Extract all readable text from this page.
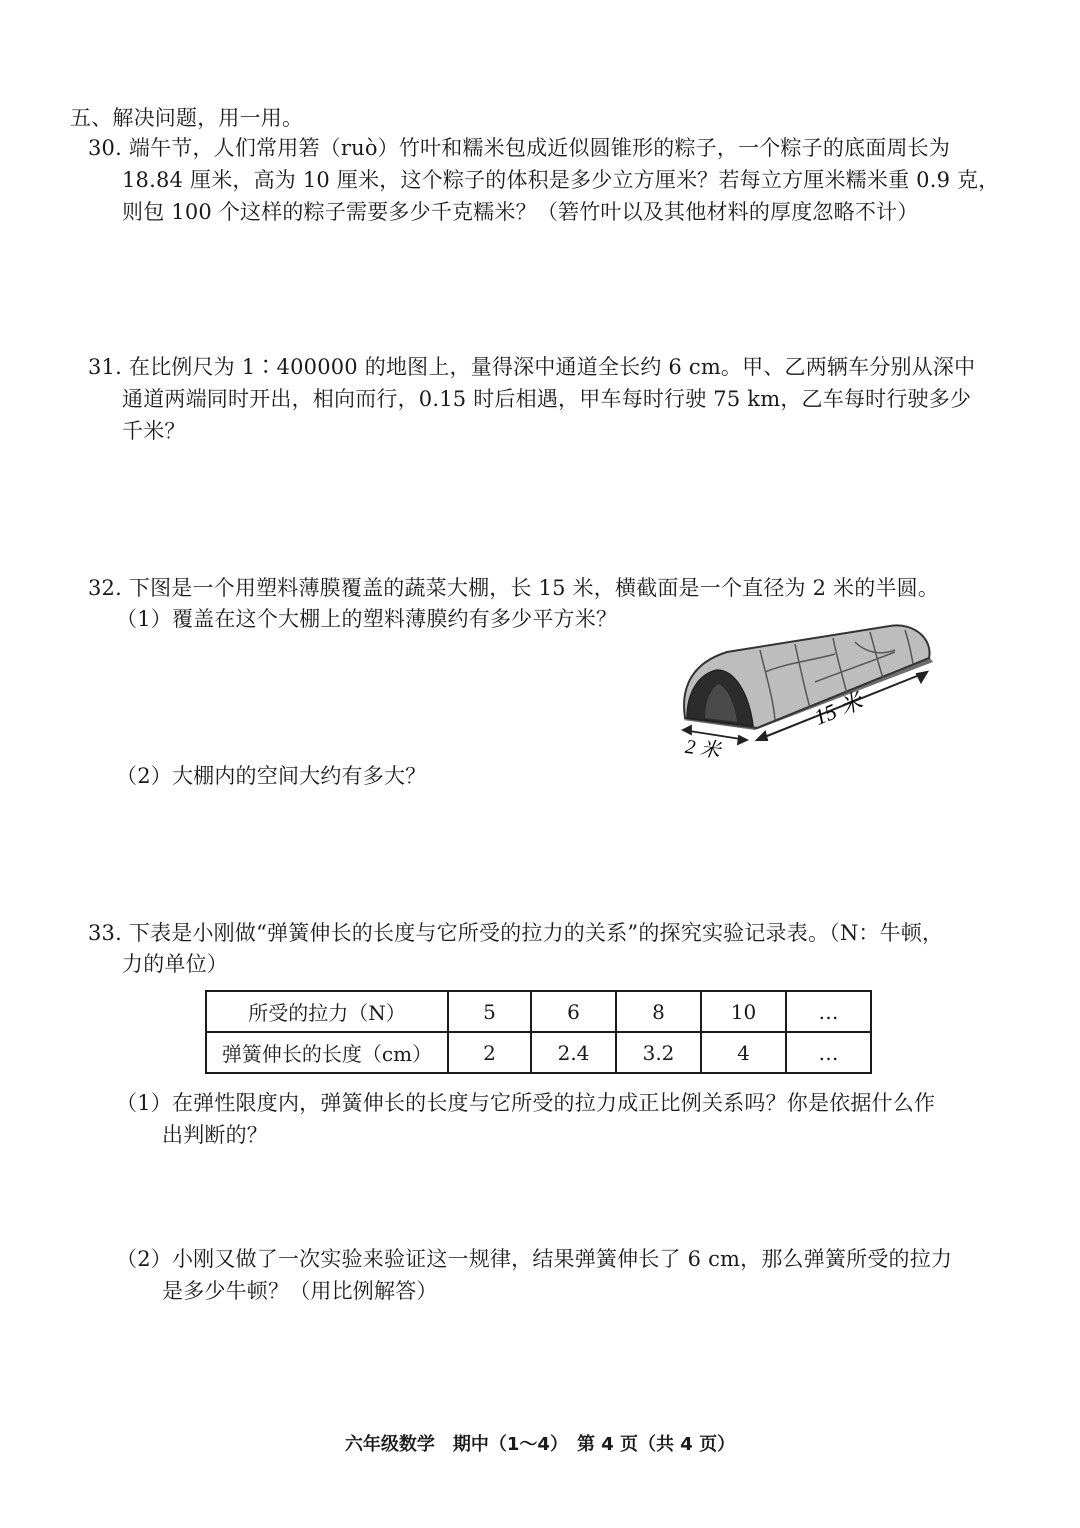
五、解决问题，用一用。
30. 端午节，人们常用箬（ruò）竹叶和糯米包成近似圆锥形的粽子，一个粽子的底面周长为
18.84 厘米，高为 10 厘米，这个粽子的体积是多少立方厘米？若每立方厘米糯米重 0.9 克，
则包 100 个这样的粽子需要多少千克糯米？（箬竹叶以及其他材料的厚度忽略不计）
31. 在比例尺为 1∶400000 的地图上，量得深中通道全长约 6 cm。甲、乙两辆车分别从深中
通道两端同时开出，相向而行，0.15 时后相遇，甲车每时行驶 75 km，乙车每时行驶多少
千米？
32. 下图是一个用塑料薄膜覆盖的蔬菜大棚，长 15 米，横截面是一个直径为 2 米的半圆。
（1）覆盖在这个大棚上的塑料薄膜约有多少平方米？
15 米
2 米
（2）大棚内的空间大约有多大？
33. 下表是小刚做“弹簧伸长的长度与它所受的拉力的关系”的探究实验记录表。（N：牛顿，
力的单位）
所受的拉力（N）	5	6	8	10	…
弹簧伸长的长度（cm）	2	2.4	3.2	4	…
（1）在弹性限度内，弹簧伸长的长度与它所受的拉力成正比例关系吗？你是依据什么作
出判断的？
（2）小刚又做了一次实验来验证这一规律，结果弹簧伸长了 6 cm，那么弹簧所受的拉力
是多少牛顿？（用比例解答）
六年级数学　期中（1～4）　第 4 页（共 4 页）
